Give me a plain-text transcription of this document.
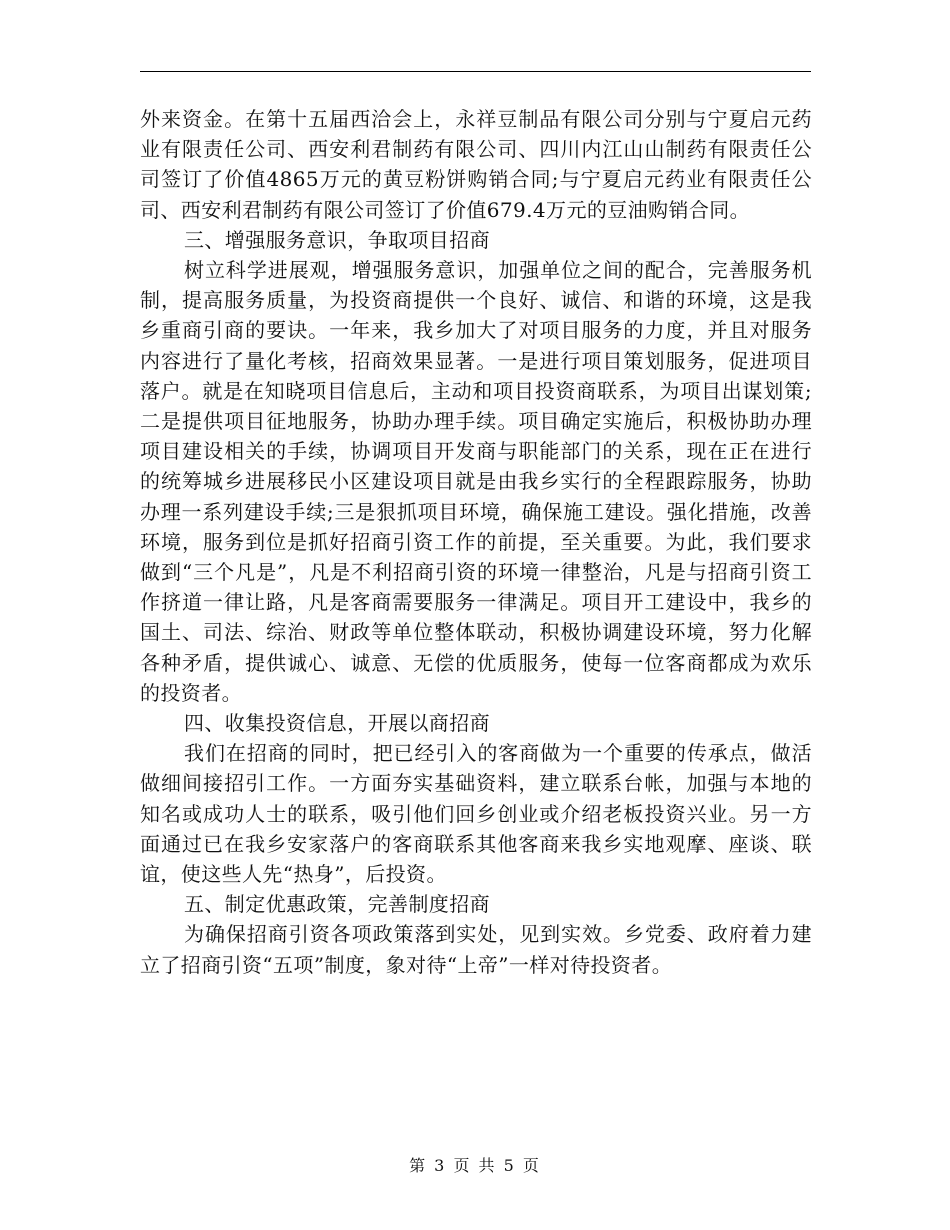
外来资金。在第十五届西洽会上，永祥豆制品有限公司分别与宁夏启元药业有限责任公司、西安利君制药有限公司、四川内江山山制药有限责任公司签订了价值4865万元的黄豆粉饼购销合同;与宁夏启元药业有限责任公司、西安利君制药有限公司签订了价值679.4万元的豆油购销合同。

三、增强服务意识，争取项目招商

树立科学进展观，增强服务意识，加强单位之间的配合，完善服务机制，提高服务质量，为投资商提供一个良好、诚信、和谐的环境，这是我乡重商引商的要诀。一年来，我乡加大了对项目服务的力度，并且对服务内容进行了量化考核，招商效果显著。一是进行项目策划服务，促进项目落户。就是在知晓项目信息后，主动和项目投资商联系，为项目出谋划策;二是提供项目征地服务，协助办理手续。项目确定实施后，积极协助办理项目建设相关的手续，协调项目开发商与职能部门的关系，现在正在进行的统筹城乡进展移民小区建设项目就是由我乡实行的全程跟踪服务，协助办理一系列建设手续;三是狠抓项目环境，确保施工建设。强化措施，改善环境，服务到位是抓好招商引资工作的前提，至关重要。为此，我们要求做到“三个凡是”，凡是不利招商引资的环境一律整治，凡是与招商引资工作挤道一律让路，凡是客商需要服务一律满足。项目开工建设中，我乡的国土、司法、综治、财政等单位整体联动，积极协调建设环境，努力化解各种矛盾，提供诚心、诚意、无偿的优质服务，使每一位客商都成为欢乐的投资者。

四、收集投资信息，开展以商招商

我们在招商的同时，把已经引入的客商做为一个重要的传承点，做活做细间接招引工作。一方面夯实基础资料，建立联系台帐，加强与本地的知名或成功人士的联系，吸引他们回乡创业或介绍老板投资兴业。另一方面通过已在我乡安家落户的客商联系其他客商来我乡实地观摩、座谈、联谊，使这些人先“热身”，后投资。

五、制定优惠政策，完善制度招商

为确保招商引资各项政策落到实处，见到实效。乡党委、政府着力建立了招商引资“五项”制度，象对待“上帝”一样对待投资者。

第 3 页 共 5 页
